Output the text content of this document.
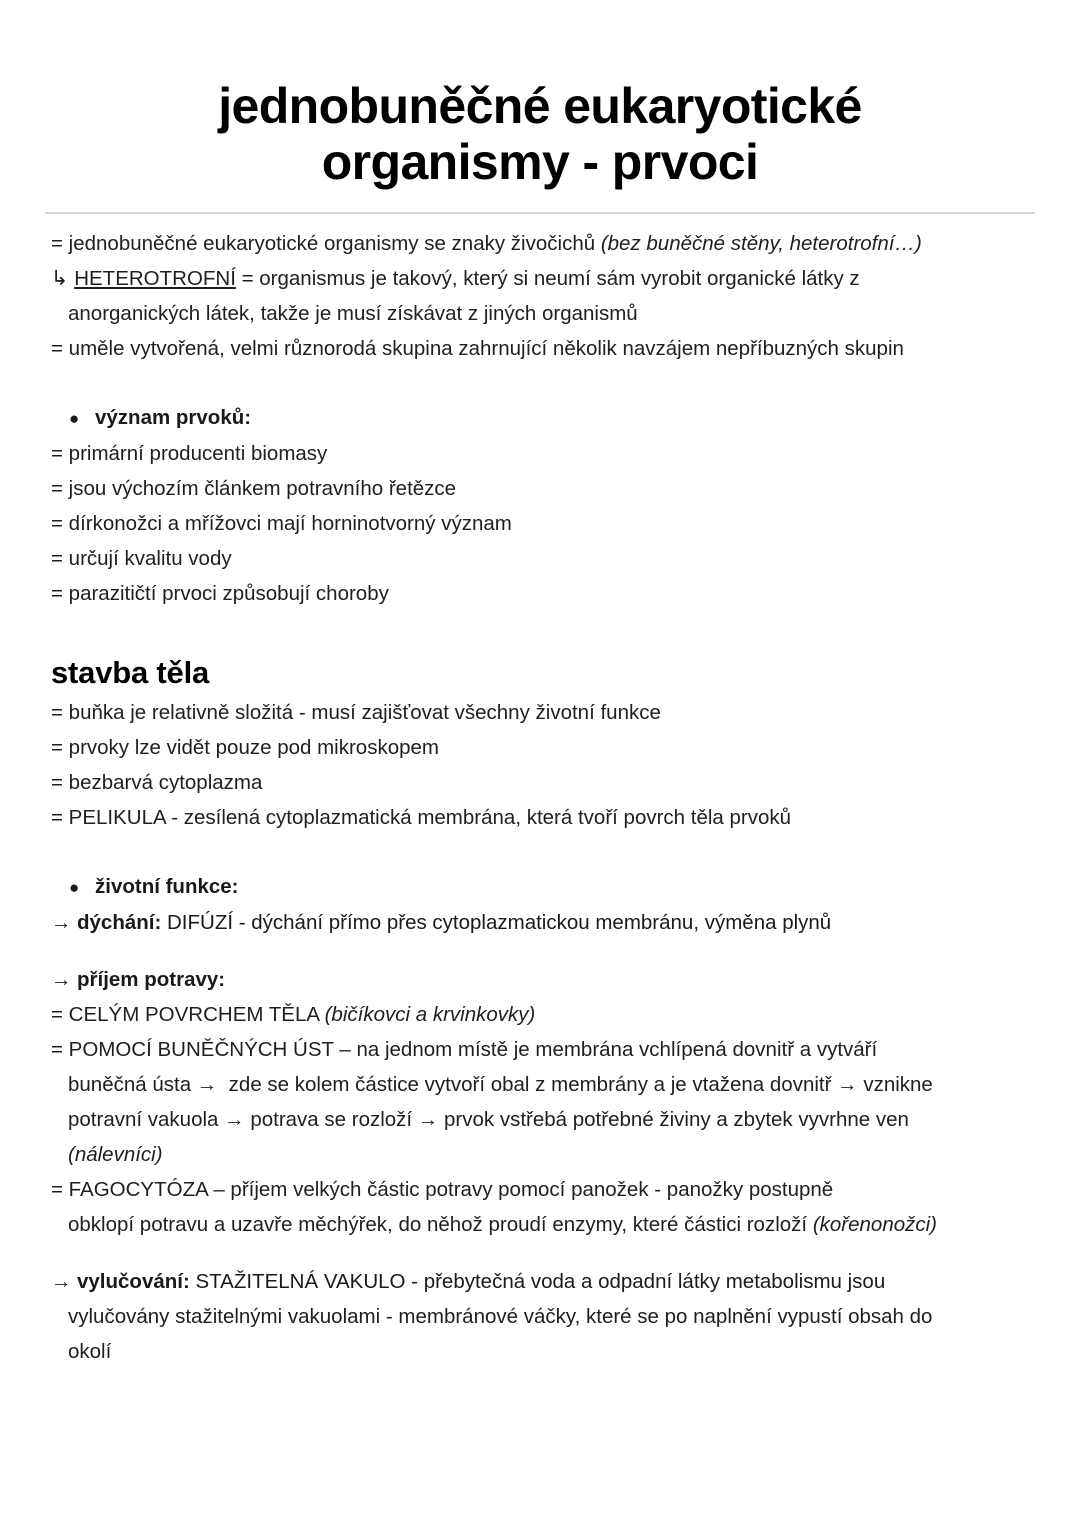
jednobuněčné eukaryotické
organismy - prvoci
= jednobuněčné eukaryotické organismy se znaky živočichů (bez buněčné stěny, heterotrofní…)
↳ HETEROTROFNÍ = organismus je takový, který si neumí sám vyrobit organické látky z
anorganických látek, takže je musí získávat z jiných organismů
= uměle vytvořená, velmi různorodá skupina zahrnující několik navzájem nepříbuzných skupin
● význam prvoků:
= primární producenti biomasy
= jsou výchozím článkem potravního řetězce
= dírkonožci a mřížovci mají horninotvorný význam
= určují kvalitu vody
= parazitičtí prvoci způsobují choroby
stavba těla
= buňka je relativně složitá - musí zajišťovat všechny životní funkce
= prvoky lze vidět pouze pod mikroskopem
= bezbarvá cytoplazma
= PELIKULA - zesílená cytoplazmatická membrána, která tvoří povrch těla prvoků
● životní funkce:
→ dýchání: DIFÚZÍ - dýchání přímo přes cytoplazmatickou membránu, výměna plynů
→ příjem potravy:
= CELÝM POVRCHEM TĚLA (bičíkovci a krvinkovky)
= POMOCÍ BUNĚČNÝCH ÚST – na jednom místě je membrána vchlípená dovnitř a vytváří
buněčná ústa →  zde se kolem částice vytvoří obal z membrány a je vtažena dovnitř → vznikne
potravní vakuola → potrava se rozloží → prvok vstřebá potřebné živiny a zbytek vyvrhne ven
(nálevníci)
= FAGOCYTÓZA – příjem velkých částic potravy pomocí panožek - panožky postupně
obklopí potravu a uzavře měchýřek, do něhož proudí enzymy, které částici rozloží (kořenonožci)
→ vylučování: STAŽITELNÁ VAKULO - přebytečná voda a odpadní látky metabolismu jsou
vylučovány stažitelnými vakuolami - membránové váčky, které se po naplnění vypustí obsah do
okolí
